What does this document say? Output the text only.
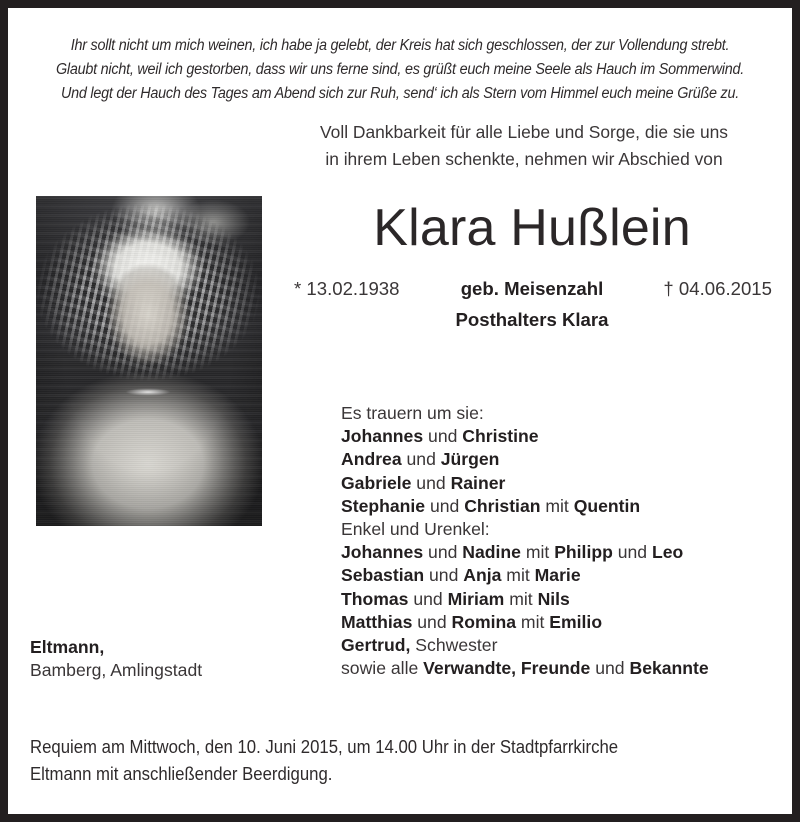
Ihr sollt nicht um mich weinen, ich habe ja gelebt, der Kreis hat sich geschlossen, der zur Vollendung strebt.
Glaubt nicht, weil ich gestorben, dass wir uns ferne sind, es grüßt euch meine Seele als Hauch im Sommerwind.
Und legt der Hauch des Tages am Abend sich zur Ruh, send‘ ich als Stern vom Himmel euch meine Grüße zu.
Voll Dankbarkeit für alle Liebe und Sorge, die sie uns
in ihrem Leben schenkte, nehmen wir Abschied von
Klara Hußlein
* 13.02.1938	geb. Meisenzahl	† 04.06.2015
Posthalters Klara
Es trauern um sie:
Johannes und Christine
Andrea und Jürgen
Gabriele und Rainer
Stephanie und Christian mit Quentin
Enkel und Urenkel:
Johannes und Nadine mit Philipp und Leo
Sebastian und Anja mit Marie
Thomas und Miriam mit Nils
Matthias und Romina mit Emilio
Gertrud, Schwester
sowie alle Verwandte, Freunde und Bekannte
Eltmann,
Bamberg, Amlingstadt
Requiem am Mittwoch, den 10. Juni 2015, um 14.00 Uhr in der Stadtpfarrkirche
Eltmann mit anschließender Beerdigung.
